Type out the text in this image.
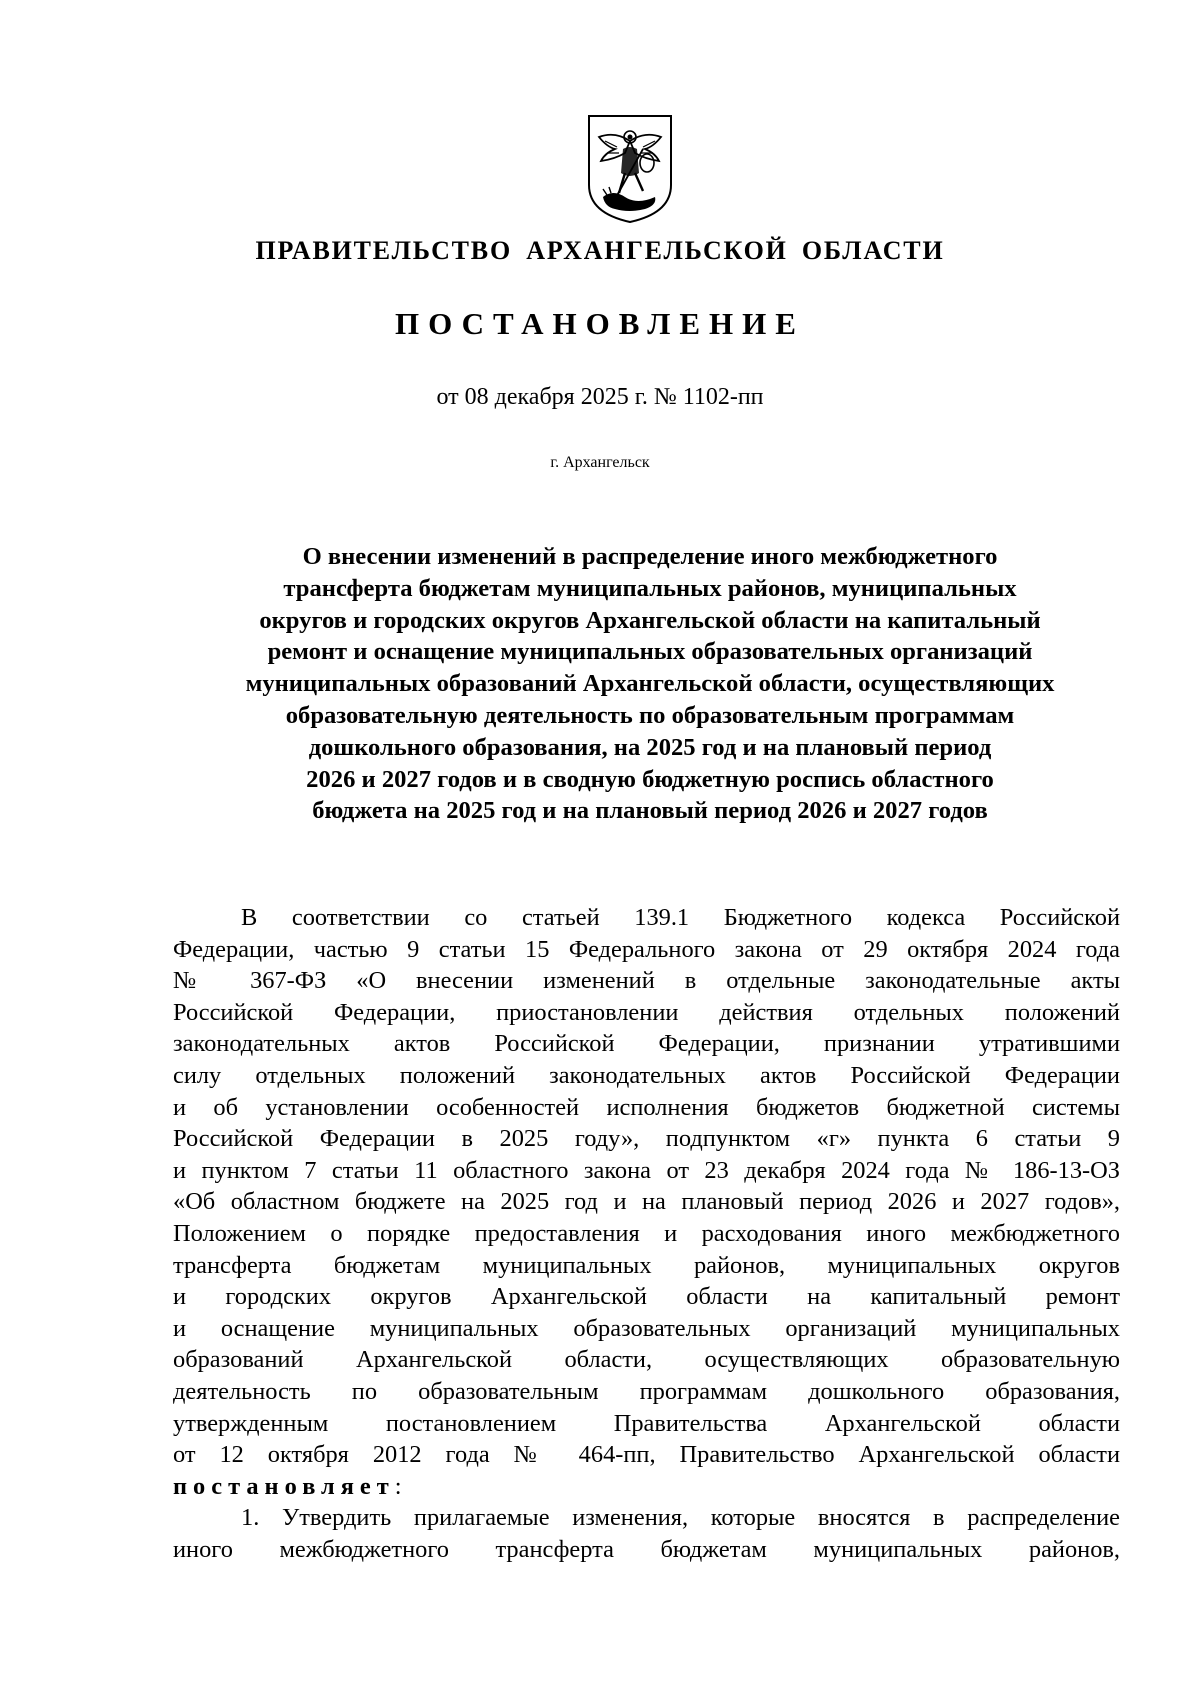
ПРАВИТЕЛЬСТВО АРХАНГЕЛЬСКОЙ ОБЛАСТИ
ПОСТАНОВЛЕНИЕ
от 08 декабря 2025 г. № 1102-пп
г. Архангельск
О внесении изменений в распределение иного межбюджетного
трансферта бюджетам муниципальных районов, муниципальных
округов и городских округов Архангельской области на капитальный
ремонт и оснащение муниципальных образовательных организаций
муниципальных образований Архангельской области, осуществляющих
образовательную деятельность по образовательным программам
дошкольного образования, на 2025 год и на плановый период
2026 и 2027 годов и в сводную бюджетную роспись областного
бюджета на 2025 год и на плановый период 2026 и 2027 годов
В соответствии со статьей 139.1 Бюджетного кодекса Российской
Федерации, частью 9 статьи 15 Федерального закона от 29 октября 2024 года
№ 367-ФЗ «О внесении изменений в отдельные законодательные акты
Российской Федерации, приостановлении действия отдельных положений
законодательных актов Российской Федерации, признании утратившими
силу отдельных положений законодательных актов Российской Федерации
и об установлении особенностей исполнения бюджетов бюджетной системы
Российской Федерации в 2025 году», подпунктом «г» пункта 6 статьи 9
и пунктом 7 статьи 11 областного закона от 23 декабря 2024 года № 186-13-ОЗ
«Об областном бюджете на 2025 год и на плановый период 2026 и 2027 годов»,
Положением о порядке предоставления и расходования иного межбюджетного
трансферта бюджетам муниципальных районов, муниципальных округов
и городских округов Архангельской области на капитальный ремонт
и оснащение муниципальных образовательных организаций муниципальных
образований Архангельской области, осуществляющих образовательную
деятельность по образовательным программам дошкольного образования,
утвержденным постановлением Правительства Архангельской области
от 12 октября 2012 года № 464-пп, Правительство Архангельской области
постановляет:
1. Утвердить прилагаемые изменения, которые вносятся в распределение
иного межбюджетного трансферта бюджетам муниципальных районов,
